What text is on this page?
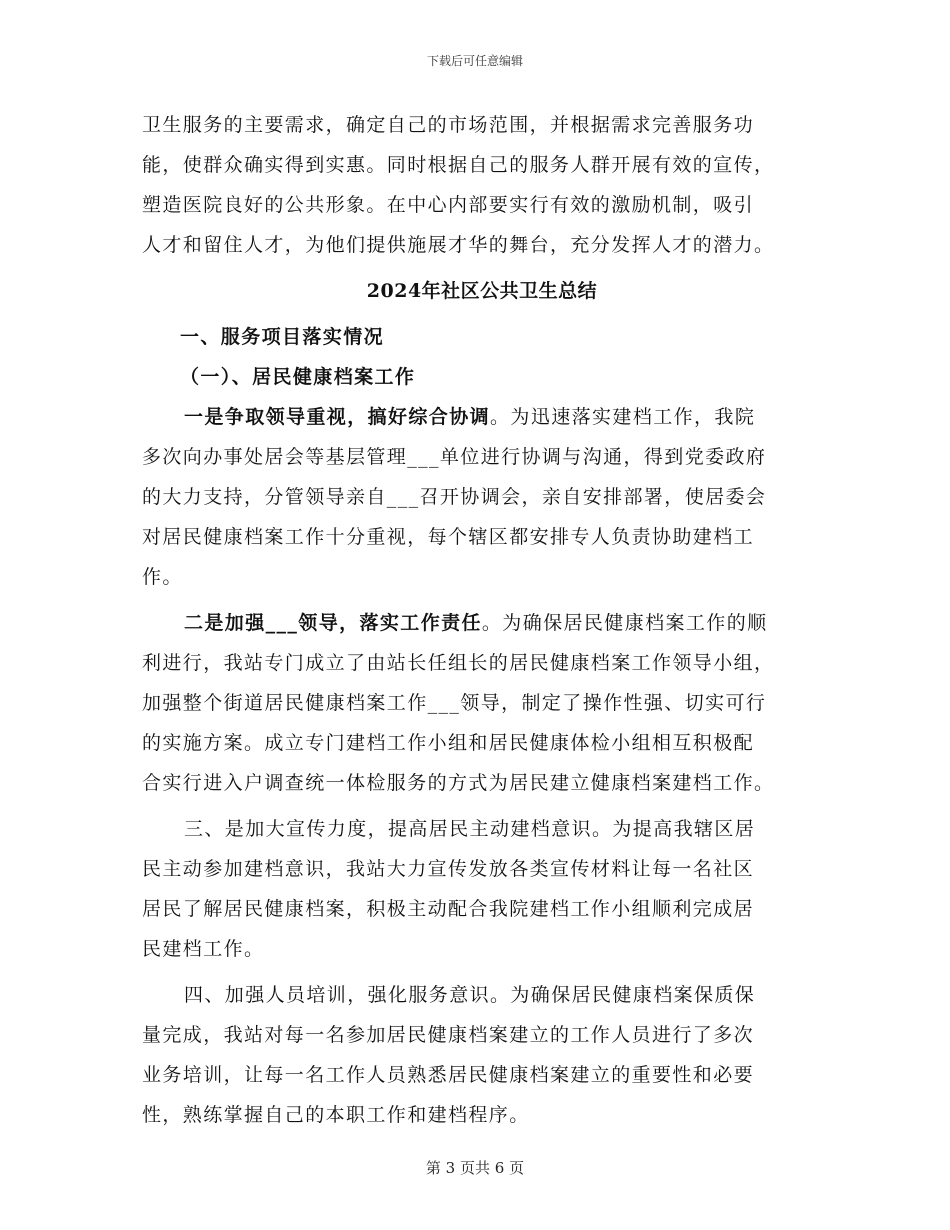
下载后可任意编辑
卫生服务的主要需求，确定自己的市场范围，并根据需求完善服务功
能，使群众确实得到实惠。同时根据自己的服务人群开展有效的宣传，
塑造医院良好的公共形象。在中心内部要实行有效的激励机制，吸引
人才和留住人才，为他们提供施展才华的舞台，充分发挥人才的潜力。
2024年社区公共卫生总结
一、服务项目落实情况
（一）、居民健康档案工作
一是争取领导重视，搞好综合协调。为迅速落实建档工作，我院
多次向办事处居会等基层管理___单位进行协调与沟通，得到党委政府
的大力支持，分管领导亲自___召开协调会，亲自安排部署，使居委会
对居民健康档案工作十分重视，每个辖区都安排专人负责协助建档工
作。
二是加强___领导，落实工作责任。为确保居民健康档案工作的顺
利进行，我站专门成立了由站长任组长的居民健康档案工作领导小组，
加强整个街道居民健康档案工作___领导，制定了操作性强、切实可行
的实施方案。成立专门建档工作小组和居民健康体检小组相互积极配
合实行进入户调查统一体检服务的方式为居民建立健康档案建档工作。
三、是加大宣传力度，提高居民主动建档意识。为提高我辖区居
民主动参加建档意识，我站大力宣传发放各类宣传材料让每一名社区
居民了解居民健康档案，积极主动配合我院建档工作小组顺利完成居
民建档工作。
四、加强人员培训，强化服务意识。为确保居民健康档案保质保
量完成，我站对每一名参加居民健康档案建立的工作人员进行了多次
业务培训，让每一名工作人员熟悉居民健康档案建立的重要性和必要
性，熟练掌握自己的本职工作和建档程序。
第 3 页共 6 页
